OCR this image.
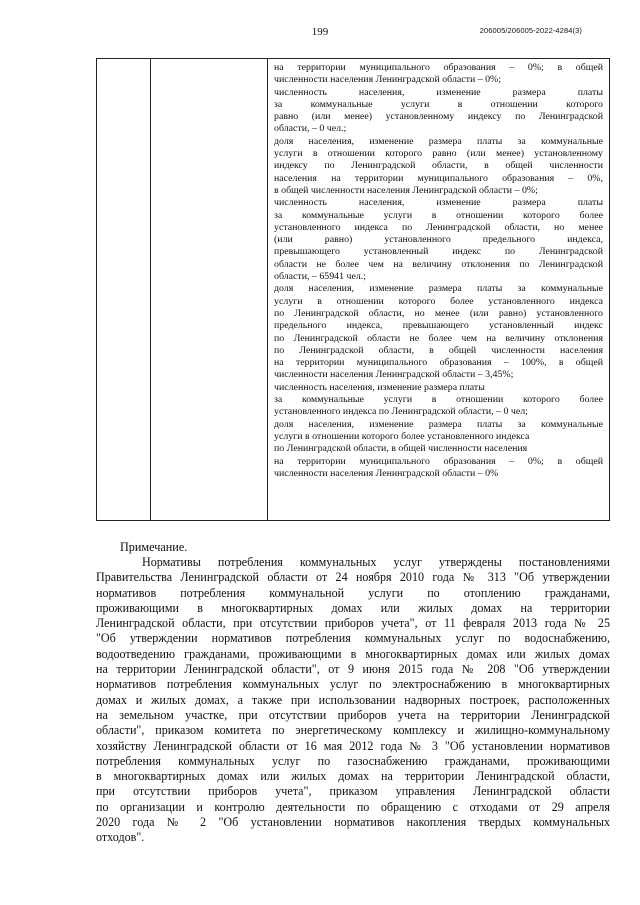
199	206005/206005-2022-4284(3)
на территории муниципального образования – 0%; в общей
численности населения Ленинградской области – 0%;
численность населения, изменение размера платы
за коммунальные услуги в отношении которого
равно (или менее) установленному индексу по Ленинградской
области, – 0 чел.;
доля населения, изменение размера платы за коммунальные
услуги в отношении которого равно (или менее) установленному
индексу по Ленинградской области, в общей численности
населения на территории муниципального образования – 0%,
в общей численности населения Ленинградской области – 0%;
численность населения, изменение размера платы
за коммунальные услуги в отношении которого более
установленного индекса по Ленинградской области, но менее
(или равно) установленного предельного индекса,
превышающего установленный индекс по Ленинградской
области не более чем на величину отклонения по Ленинградской
области, – 65941 чел.;
доля населения, изменение размера платы за коммунальные
услуги в отношении которого более установленного индекса
по Ленинградской области, но менее (или равно) установленного
предельного индекса, превышающего установленный индекс
по Ленинградской области не более чем на величину отклонения
по Ленинградской области, в общей численности населения
на территории муниципального образования – 100%, в общей
численности населения Ленинградской области – 3,45%;
численность населения, изменение размера платы
за коммунальные услуги в отношении которого более
установленного индекса по Ленинградской области, – 0 чел;
доля населения, изменение размера платы за коммунальные
услуги в отношении которого более установленного индекса
по Ленинградской области, в общей численности населения
на территории муниципального образования – 0%; в общей
численности населения Ленинградской области – 0%
Примечание.
Нормативы потребления коммунальных услуг утверждены постановлениями
Правительства Ленинградской области от 24 ноября 2010 года № 313 "Об утверждении
нормативов потребления коммунальной услуги по отоплению гражданами,
проживающими в многоквартирных домах или жилых домах на территории
Ленинградской области, при отсутствии приборов учета", от 11 февраля 2013 года № 25
"Об утверждении нормативов потребления коммунальных услуг по водоснабжению,
водоотведению гражданами, проживающими в многоквартирных домах или жилых домах
на территории Ленинградской области", от 9 июня 2015 года № 208 "Об утверждении
нормативов потребления коммунальных услуг по электроснабжению в многоквартирных
домах и жилых домах, а также при использовании надворных построек, расположенных
на земельном участке, при отсутствии приборов учета на территории Ленинградской
области", приказом комитета по энергетическому комплексу и жилищно-коммунальному
хозяйству Ленинградской области от 16 мая 2012 года № 3 "Об установлении нормативов
потребления коммунальных услуг по газоснабжению гражданами, проживающими
в многоквартирных домах или жилых домах на территории Ленинградской области,
при отсутствии приборов учета", приказом управления Ленинградской области
по организации и контролю деятельности по обращению с отходами от 29 апреля
2020 года № 2 "Об установлении нормативов накопления твердых коммунальных
отходов".
